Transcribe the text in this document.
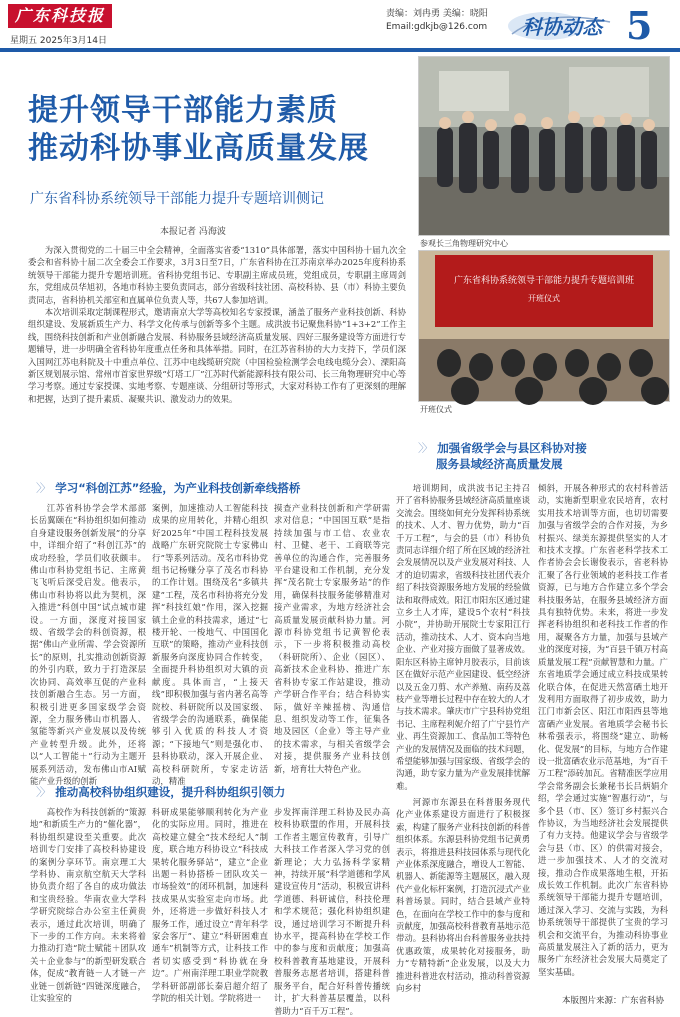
广东科技报
星期五 2025年3月14日
责编：刘冉勇 美编：晓阳
Email:gdkjb@126.com 科协动态 5
提升领导干部能力素质
推动科协事业高质量发展
广东省科协系统领导干部能力提升专题培训侧记
本报记者 冯海波

为深入贯彻党的二十届三中全会精神，全面落实省委“1310”具体部署，落实中国科协十届九次全委会和省科协十届二次全委会工作要求，3月3日至7日，广东省科协在江苏南京举办2025年度科协系统领导干部能力提升专题培训班。省科协党组书记、专职副主席成员班，党组成员，专职副主席周剑东，党组成员华旭初，各地市科协主要负责同志，部分省级科技社团、高校科协、县（市）科协主要负责同志，省科协机关部室和直属单位负责人等，共67人参加培训。

本次培训采取定制课程形式，邀请南京大学等高校知名专家授课，涵盖了服务产业科技创新、科协组织建设、发展新质生产力、科学文化传承与创新等多个主题。成洪波书记聚焦科协“1+3+2”工作主线，围绕科技创新和产业创新融合发展、科协服务县域经济高质量发展、四好三服务建设等方面进行专题辅导，进一步明确全省科协年度重点任务和具体举措。同时，在江苏省科协的大力支持下，学员们深入国网江苏电科院及十中重点单位、江苏中电线缆研究院（中国检验检测学会电线电缆分会）、溧阳高新区规划展示馆、常州市首家世界级“灯塔工厂”江苏时代新能源科技有限公司、长三角物理研究中心等学习考察。通过专家授课、实地考察、专题座谈、分组研讨等形式，大家对科协工作有了更深刻的理解和把握，达到了提升素质、凝聚共识、激发动力的效果。

参观长三角物理研究中心
广东省科协系统领导干部能力提升专题培训班
开班仪式
开班仪式
〉〉 学习“科创江苏”经验，为产业科技创新牵线搭桥

江苏省科协学会学术部部长岳翼颐在“科协组织如何推动自身建设服务创新发展”的分享中，详细介绍了“科创江苏”的成功经验，学员们收获颇丰。佛山市科协党组书记、主席黄飞飞听后深受启发。他表示，佛山市科协将以此为契机，深入推进“科创中国”试点城市建设。一方面，深度对接国家级、省级学会的科创资源，根据“佛山产业所需、学会资源所长”的原则，扎实推动创新资源的外引内联，致力于打造深层次协同、高效率互促的产业科技创新融合生态。另一方面，积极引进更多国家级学会资源，全力服务佛山市机器人、氢能等新兴产业发展以及传统产业转型升级。此外，还将以“人工智能＋”行动为主题开展系列活动，发布佛山市AI赋能产业升级的创新

案例，加速推动人工智能科技成果的应用转化，并精心组织好2025年“中国工程科技发展战略广东研究院院士专家佛山行”等系列活动。茂名市科协党组书记杨赚分享了茂名市科协的工作计划。围绕茂名“多镇共建”工程，茂名市科协将充分发挥“科技红娘”作用，深入挖掘镇土企业的科技需求，通过“七楼开轮、一梭地气、中国国化互联”的策略，推动产业科技创新服务向深度协同合作转变，全面提升科协组织对大镇的贡献度。具体而言，“上接天线”即积极加强与省内著名高等院校、科研院所以及国家级、省级学会的沟通联系，确保能够引入优质的科技人才资源；“下接地气”则是强化市、县科协联动，深入开展企业、高校科研院所，专家走访活动，精准

摸查产业科技创新和产学研需求对信息；“中国国互联”是指持续加强与市工信、农业农村、卫健、老干、工商联等完善单位的沟通合作，完善服务平台建设和工作机制，充分发挥“茂名院士专家服务站”的作用，确保科技服务能够精准对接产业需求，为地方经济社会高质量发展贡献科协力量。河源市科协党组书记黄智伦表示，下一步将积极推动高校（科研院所）、企业（园区）、高新技术企业科协、推进广东省科协专家工作站建设，推动产学研合作平台；结合科协实际，做好辛辣摇榜、沟通信息、组织发动等工作，征集各地及园区（企业）等主导产业的技术需求，与相关省级学会对接，提供服务产业科技创新，培育壮大特色产业。

〉〉 加强省级学会与县区科协对接
服务县域经济高质量发展

培训期间，成洪波书记主持召开了省科协服务县域经济高质量座谈交流会。围绕如何充分发挥科协系统的技术、人才、智力优势，助力“百千万工程”，与会的县（市）科协负责同志详细介绍了所在区域的经济社会发展情况以及产业发展对科技、人才的迫切需求，省级科技社团代表介绍了科技资源服务地方发展的经验做法和取得成效。阳江市阳东区通过建立乡土人才库，建设5个农村“科技小院”，并协助开展院士专家阳江行活动，推动技术、人才、资本向当地企业、产业对接方面做了显著成效。阳东区科协主席钟月胶表示，目前该区在做好示范产业园建设、低空经济以及五金刀剪、水产养殖、南药及荔枝产业等增长过程中存在较大的人才与技术需求。肇庆市广宁县科协党组书记、主席程利妮介绍了广宁县竹产业、再生资源加工、食品加工等特色产业的发展情况及面临的技术问题，希望能够加强与国家级、省级学会的沟通，助专家力量为产业发展排忧解难。

河源市东源县在科普服务现代化产业体系建设方面进行了积极探索，构建了服务产业科技创新的科普组织体系。东源县科协党组书记黄勇表示，将推进县科技园体系与现代化产业体系深度融合，增设人工智能、机器人、新能源等主题展区，融入现代产业化标杆案例，打造沉浸式产业科普场景。同时，结合县域产业特色，在面向在学校工作中的参与度和贡献度，加强高校科普教育基地示范带动。县科协将出台科普服务业扶持优惠政策，成果转化对接服务，助力“专精特新”企业发展，以及大力推进科普进农村活动，推动科普资源向乡村

倾斜，开展各种形式的农村科普活动，实施新型职业农民培育，农村实用技术培训等方面，也切切需要加强与省级学会的合作对接，为乡村振兴、绿美东源提供坚实的人才和技术支撑。广东省老科学技术工作者协会会长谢俊表示，省老科协汇聚了各行业领域的老科技工作者资源，已与地方合作建立多个学会科技服务站，在服务县域经济方面具有独特优势。未来，将进一步发挥老科协组织和老科技工作者的作用，凝聚各方力量，加强与县域产业的深度对接，为“百县千镇万村高质量发展工程”贡献智慧和力量。广东省地质学会通过成立科技成果转化联合体，在促进天然富硒土地开发利用方面取得了初步成效，助力江门市新会区、阳江市阳西县等地富硒产业发展。省地质学会秘书长林希强表示，将围绕“建立、助畅化、促发展”的目标，与地方合作建设一批富硒农业示范基地，为“百千万工程”添砖加瓦。省精准医学应用学会常务副会长兼秘书长吕炳娟介绍，学会通过实施“智惠行动”，与多个县（市、区）签订乡村振兴合作协议，为当地经济社会发展提供了有力支持。他建议学会与省级学会与县（市、区）的供需对接会，进一步加强技术、人才的交流对接，推动合作成果落地生根，开拓成长效工作机制。此次广东省科协系统领导干部能力提升专题培训，通过深入学习、交流与实践，为科协系统领导干部提供了宝贵的学习机会和交流平台，为推动科协事业高质量发展注入了新的活力，更为服务广东经济社会发展大局奠定了坚实基础。

〉〉 推动高校科协组织建设，提升科协组织引领力

高校作为科技创新的“策源地”和新质生产力的“催化器”，科协组织建设至关重要。此次培训专门安排了高校科协建设的案例分享环节。南京理工大学科协、南京航空航天大学科协负责介绍了各自的成功做法和宝贵经验。华南农业大学科学研究院综合办公室主任黄贵表示，通过此次培训，明确了下一步的工作方向。未来将着力推动打造“院士赋能＋团队攻关＋企业参与”的新型研发联合体，促成“教育链－人才链－产业链－创新链”四链深度融合，让实验室的

科研成果能够顺利转化为产业化的实际应用。同时，推进在高校建立健全“技术经纪人”制度，联合地方科协设立“科技成果转化服务驿站”，建立“企业出题－科协搭桥－团队攻关－市场验效”的闭环机制，加速科技成果从实验室走向市场。此外，还将进一步做好科技人才服务工作，通过设立“青年科学家会客厅”、建立“科研困难直通车”机制等方式，让科技工作者切实感受到“科协就在身边”。广州南洋理工职业学院教学科研部副部长秦启超介绍了学院的相关计划。学院将进一

步发挥南洋理工科协及民办高校科协联盟的作用，开展科技工作者主题宣传教育，引导广大科技工作者深入学习党的创新理论；大力弘扬科学家精神，持续开展“科学道德和学风建设宣传月”活动，积极宣讲科学道德、科研诚信，科技伦理和学术规范；强化科协组织建设，通过培训学习不断提升科协水平，提高科协在学校工作中的参与度和贡献度；加强高校科普教育基地建设，开展科普服务志愿者培训，搭建科普服务平台，配合好科普传播统计，扩大科普基层覆盖，以科普助力“百千万工程”。

本版图片来源：广东省科协
